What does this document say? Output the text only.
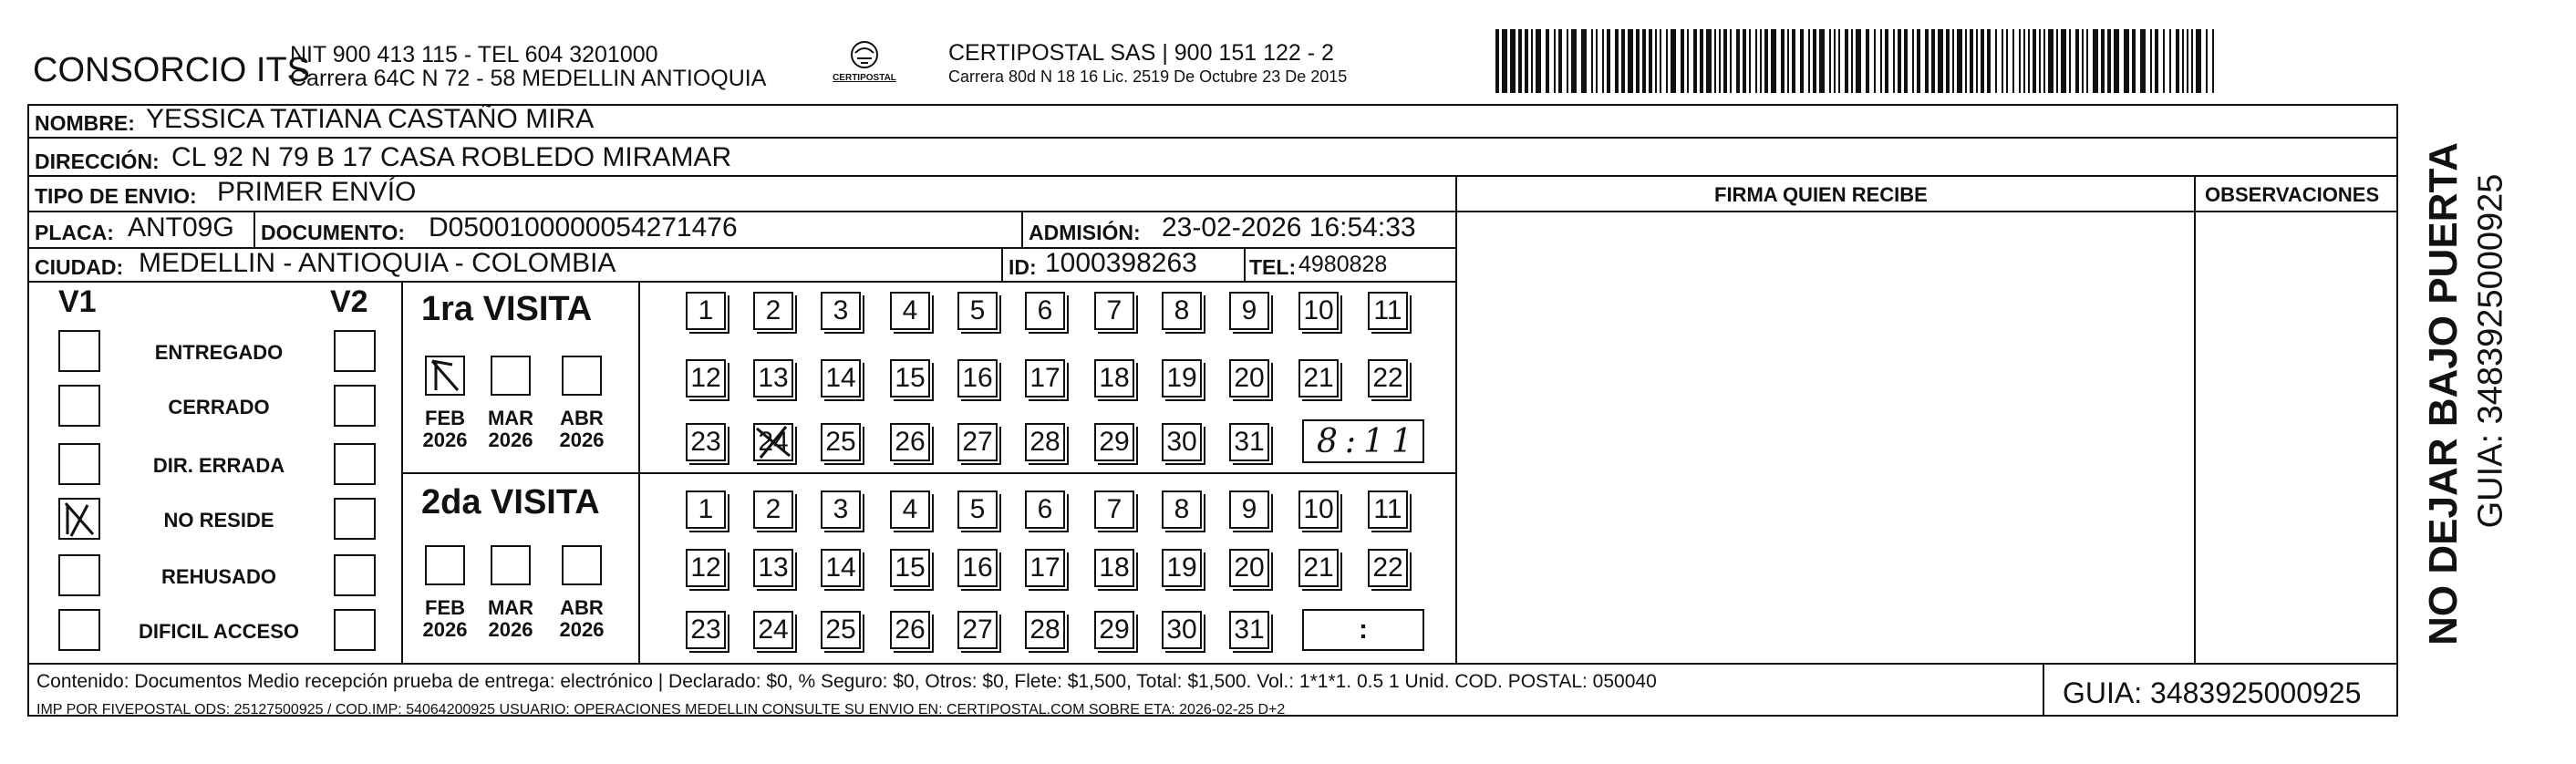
CONSORCIO ITS
NIT 900 413 115 - TEL 604 3201000
Carrera 64C N 72 - 58 MEDELLIN ANTIOQUIA	CERTIPOSTAL
CERTIPOSTAL SAS | 900 151 122 - 2
Carrera 80d N 18 16 Lic. 2519 De Octubre 23 De 2015
NOMBRE: YESSICA TATIANA CASTAÑO MIRA
DIRECCIÓN: CL 92 N 79 B 17 CASA ROBLEDO MIRAMAR
TIPO DE ENVIO: PRIMER ENVÍO	FIRMA QUIEN RECIBE	OBSERVACIONES
PLACA: ANT09G DOCUMENTO: D0500100000054271476	ADMISIÓN: 23-02-2026 16:54:33
CIUDAD: MEDELLIN - ANTIOQUIA - COLOMBIA	ID: 1000398263 TEL: 4980828
V1	V2
ENTREGADO
CERRADO
DIR. ERRADA
NO RESIDE
REHUSADO
DIFICIL ACCESO
1ra VISITA
2da VISITA
FEB
2026
MAR
2026
ABR
2026
FEB
2026
MAR
2026
ABR
2026
1	2	3	4	5	6	7	8	9	10 11
12 13 14 15 16 17 18 19 20 21 22
23 24 25 26 27 28 29 30 31
1	2	3	4	5	6	7	8	9	10 11
12 13 14 15 16 17 18 19 20 21 22
23 24 25 26 27 28 29 30 31
8:11
:
Contenido: Documentos Medio recepción prueba de entrega: electrónico | Declarado: $0, % Seguro: $0, Otros: $0, Flete: $1,500, Total: $1,500. Vol.: 1*1*1. 0.5 1 Unid. COD. POSTAL: 050040
IMP POR FIVEPOSTAL ODS: 25127500925 / COD.IMP: 54064200925 USUARIO: OPERACIONES MEDELLIN CONSULTE SU ENVIO EN: CERTIPOSTAL.COM SOBRE ETA: 2026-02-25 D+2
GUIA: 3483925000925
NO DEJAR BAJO PUERTA GUIA: 3483925000925
